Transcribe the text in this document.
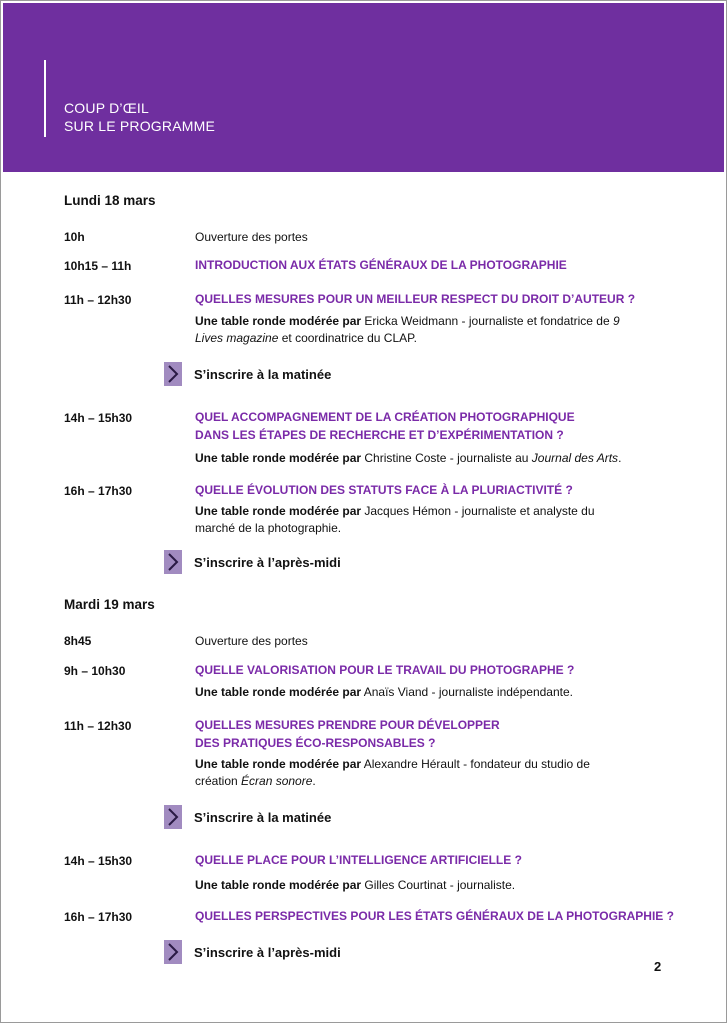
COUP D’ŒIL
SUR LE PROGRAMME
Lundi 18 mars
10h	Ouverture des portes
10h15 – 11h	INTRODUCTION AUX ÉTATS GÉNÉRAUX DE LA PHOTOGRAPHIE
11h – 12h30	QUELLES MESURES POUR UN MEILLEUR RESPECT DU DROIT D’AUTEUR ?
Une table ronde modérée par Ericka Weidmann - journaliste et fondatrice de 9 Lives magazine et coordinatrice du CLAP.
S’inscrire à la matinée
14h – 15h30	QUEL ACCOMPAGNEMENT DE LA CRÉATION PHOTOGRAPHIQUE
DANS LES ÉTAPES DE RECHERCHE ET D’EXPÉRIMENTATION ?
Une table ronde modérée par Christine Coste - journaliste au Journal des Arts.
16h – 17h30	QUELLE ÉVOLUTION DES STATUTS FACE À LA PLURIACTIVITÉ ?
Une table ronde modérée par Jacques Hémon - journaliste et analyste du marché de la photographie.
S’inscrire à l’après-midi
Mardi 19 mars
8h45	Ouverture des portes
9h – 10h30	QUELLE VALORISATION POUR LE TRAVAIL DU PHOTOGRAPHE ?
Une table ronde modérée par Anaïs Viand - journaliste indépendante.
11h – 12h30	QUELLES MESURES PRENDRE POUR DÉVELOPPER
DES PRATIQUES ÉCO-RESPONSABLES ?
Une table ronde modérée par Alexandre Hérault - fondateur du studio de création Écran sonore.
S’inscrire à la matinée
14h – 15h30	QUELLE PLACE POUR L’INTELLIGENCE ARTIFICIELLE ?
Une table ronde modérée par Gilles Courtinat - journaliste.
16h – 17h30	QUELLES PERSPECTIVES POUR LES ÉTATS GÉNÉRAUX DE LA PHOTOGRAPHIE ?
S’inscrire à l’après-midi
2
